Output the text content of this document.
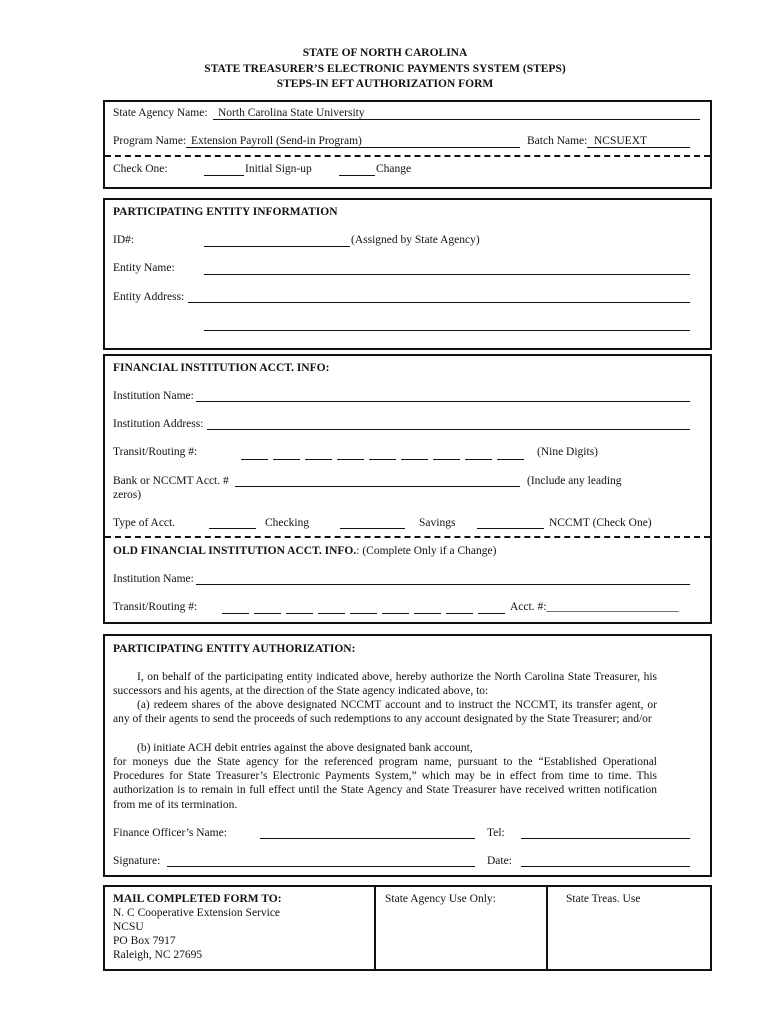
STATE OF NORTH CAROLINA
STATE TREASURER’S ELECTRONIC PAYMENTS SYSTEM (STEPS)
STEPS-IN EFT AUTHORIZATION FORM
State Agency Name: North Carolina State University
Program Name: Extension Payroll (Send-in Program)	Batch Name: NCSUEXT
Check One:	Initial Sign-up	Change
PARTICIPATING ENTITY INFORMATION
ID#:	(Assigned by State Agency)
Entity Name:
Entity Address:
FINANCIAL INSTITUTION ACCT. INFO:
Institution Name:
Institution Address:
Transit/Routing #:	(Nine Digits)
Bank or NCCMT Acct. #	(Include any leading
zeros)
Type of Acct.	Checking	Savings	NCCMT (Check One)
OLD FINANCIAL INSTITUTION ACCT. INFO.: (Complete Only if a Change)
Institution Name:
Transit/Routing #:	Acct. #:_______________________
PARTICIPATING ENTITY AUTHORIZATION:
I, on behalf of the participating entity indicated above, hereby authorize the North Carolina State Treasurer, his successors and his agents, at the direction of the State agency indicated above, to:
(a) redeem shares of the above designated NCCMT account and to instruct the NCCMT, its transfer agent, or any of their agents to send the proceeds of such redemptions to any account designated by the State Treasurer; and/or
(b) initiate ACH debit entries against the above designated bank account,
for moneys due the State agency for the referenced program name, pursuant to the “Established Operational Procedures for State Treasurer’s Electronic Payments System,” which may be in effect from time to time. This authorization is to remain in full effect until the State Agency and State Treasurer have received written notification from me of its termination.
Finance Officer’s Name:	Tel:
Signature:	Date:
MAIL COMPLETED FORM TO:
N. C Cooperative Extension Service
NCSU
PO Box 7917
Raleigh, NC 27695
State Agency Use Only:	State Treas. Use
